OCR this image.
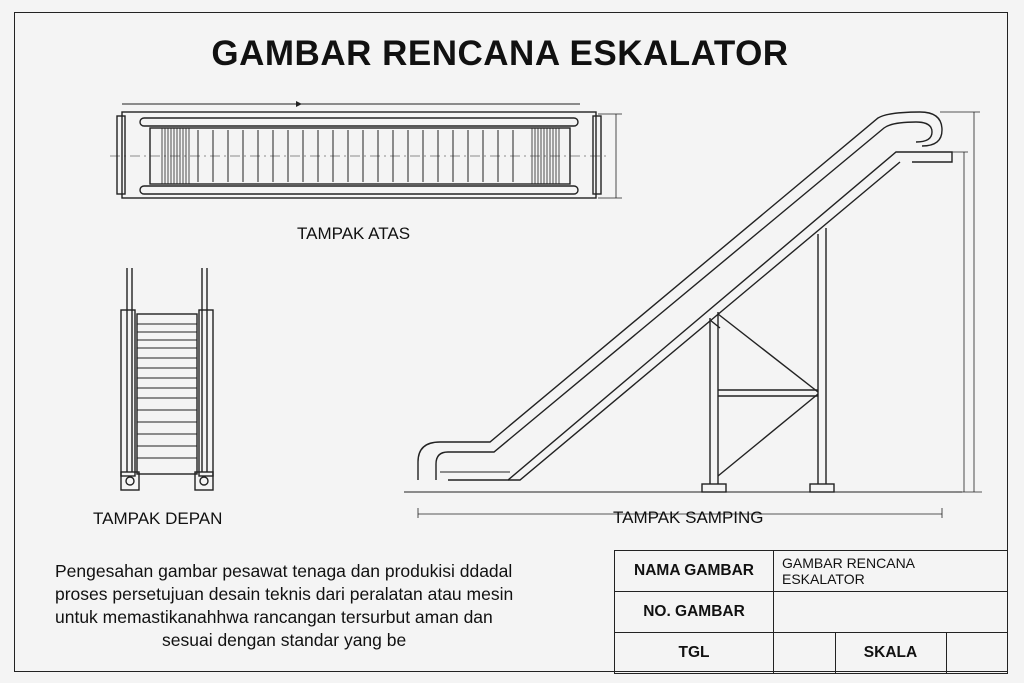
GAMBAR RENCANA ESKALATOR
TAMPAK ATAS
TAMPAK DEPAN	TAMPAK SAMPING
Pengesahan gambar pesawat tenaga dan produkisi ddadal
proses persetujuan desain teknis dari peralatan atau mesin
untuk memastikanahhwa rancangan tersurbut aman dan
sesuai dengan standar yang be
NAMA GAMBAR	GAMBAR RENCANA ESKALATOR		
NO. GAMBAR			
TGL		SKALA	
